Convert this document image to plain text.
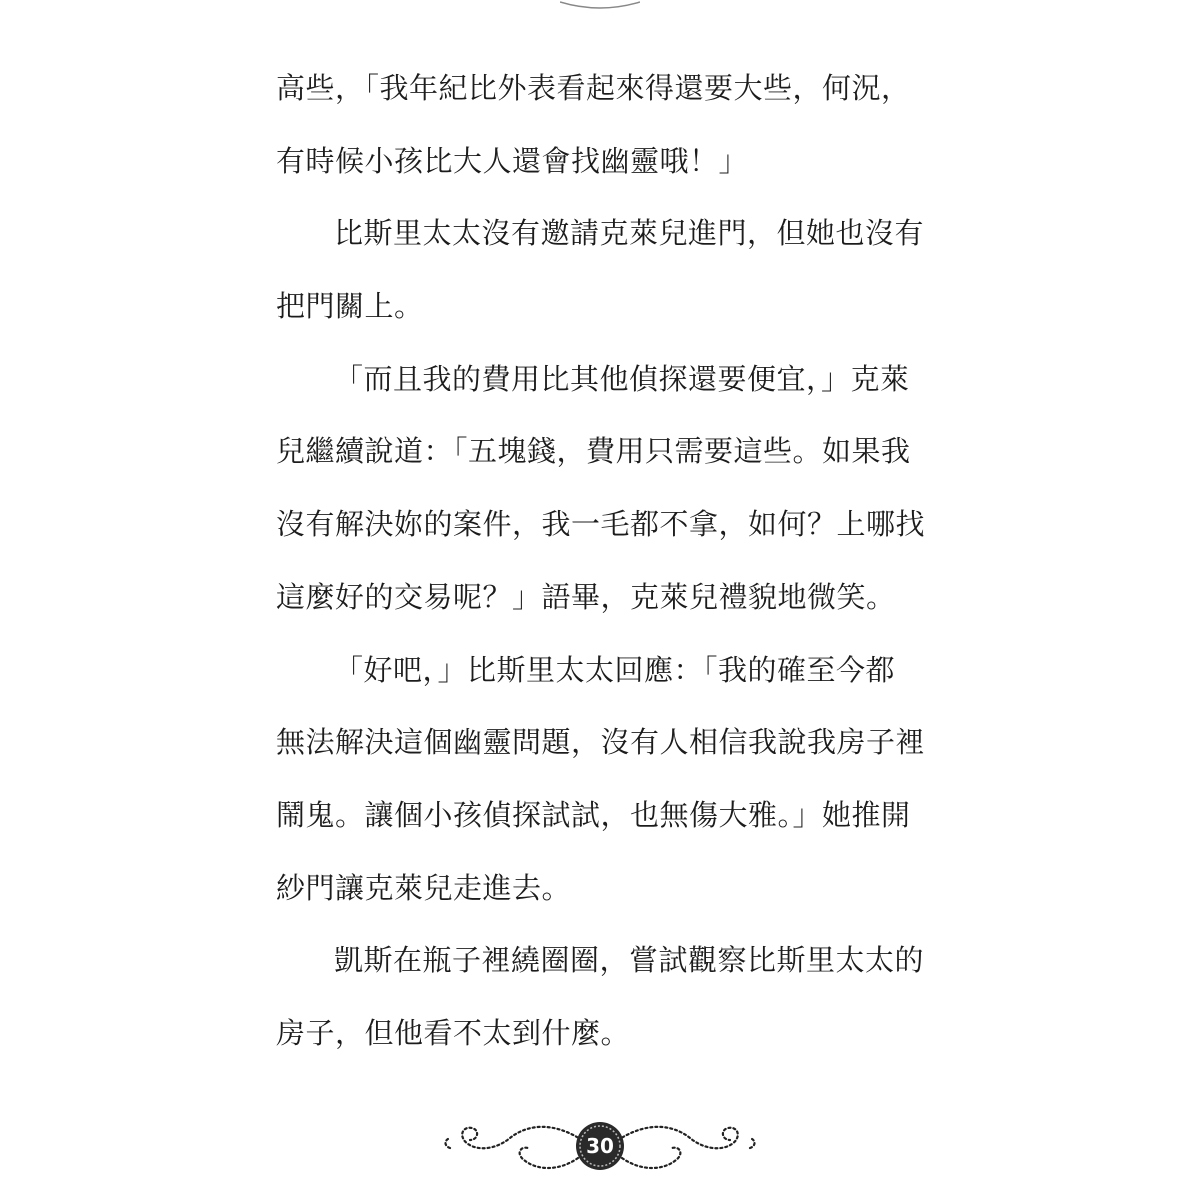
高些，「我年紀比外表看起來得還要大些，何況，
有時候小孩比大人還會找幽靈哦！」
比斯里太太沒有邀請克萊兒進門，但她也沒有
把門關上。
「而且我的費用比其他偵探還要便宜，」克萊
兒繼續說道：「五塊錢，費用只需要這些。如果我
沒有解決妳的案件，我一毛都不拿，如何？上哪找
這麼好的交易呢？」語畢，克萊兒禮貌地微笑。
「好吧，」比斯里太太回應：「我的確至今都
無法解決這個幽靈問題，沒有人相信我說我房子裡
鬧鬼。讓個小孩偵探試試，也無傷大雅。」她推開
紗門讓克萊兒走進去。
凱斯在瓶子裡繞圈圈，嘗試觀察比斯里太太的
房子，但他看不太到什麼。
30
